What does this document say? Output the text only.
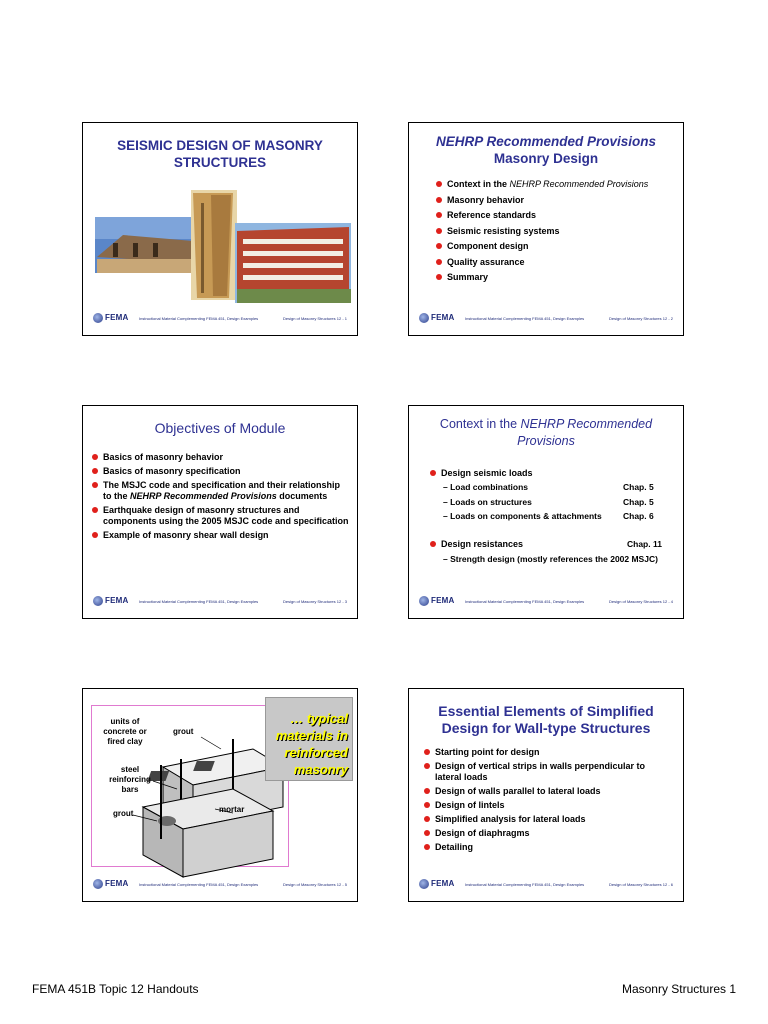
SEISMIC DESIGN OF MASONRY
STRUCTURES
FEMA	Instructional Material Complementing FEMA 451, Design Examples	Design of Masonry Structures 12 - 1
NEHRP Recommended Provisions
Masonry Design
Context in the NEHRP Recommended Provisions
Masonry behavior
Reference standards
Seismic resisting systems
Component design
Quality assurance
Summary
FEMA	Instructional Material Complementing FEMA 451, Design Examples	Design of Masonry Structures 12 - 2
Objectives of Module
Basics of masonry behavior
Basics of masonry specification
The MSJC code and specification and their relationship to the NEHRP Recommended Provisions documents
Earthquake design of masonry structures and components using the 2005 MSJC code and specification
Example of masonry shear wall design
FEMA	Instructional Material Complementing FEMA 451, Design Examples	Design of Masonry Structures 12 - 3
Context in the NEHRP Recommended
Provisions
Design seismic loads
– Load combinations	Chap. 5
– Loads on structures	Chap. 5
– Loads on components & attachments	Chap. 6
Design resistances	Chap. 11
– Strength design (mostly references the 2002 MSJC)
FEMA	Instructional Material Complementing FEMA 451, Design Examples	Design of Masonry Structures 12 - 4
units of concrete or fired clay
grout
steel reinforcing bars
grout	mortar
… typical materials in reinforced masonry
FEMA	Instructional Material Complementing FEMA 451, Design Examples	Design of Masonry Structures 12 - 5
Essential Elements of Simplified
Design for Wall-type Structures
Starting point for design
Design of vertical strips in walls perpendicular to lateral loads
Design of walls parallel to lateral loads
Design of lintels
Simplified analysis for lateral loads
Design of diaphragms
Detailing
FEMA	Instructional Material Complementing FEMA 451, Design Examples	Design of Masonry Structures 12 - 6
FEMA 451B Topic 12 Handouts	Masonry Structures 1
